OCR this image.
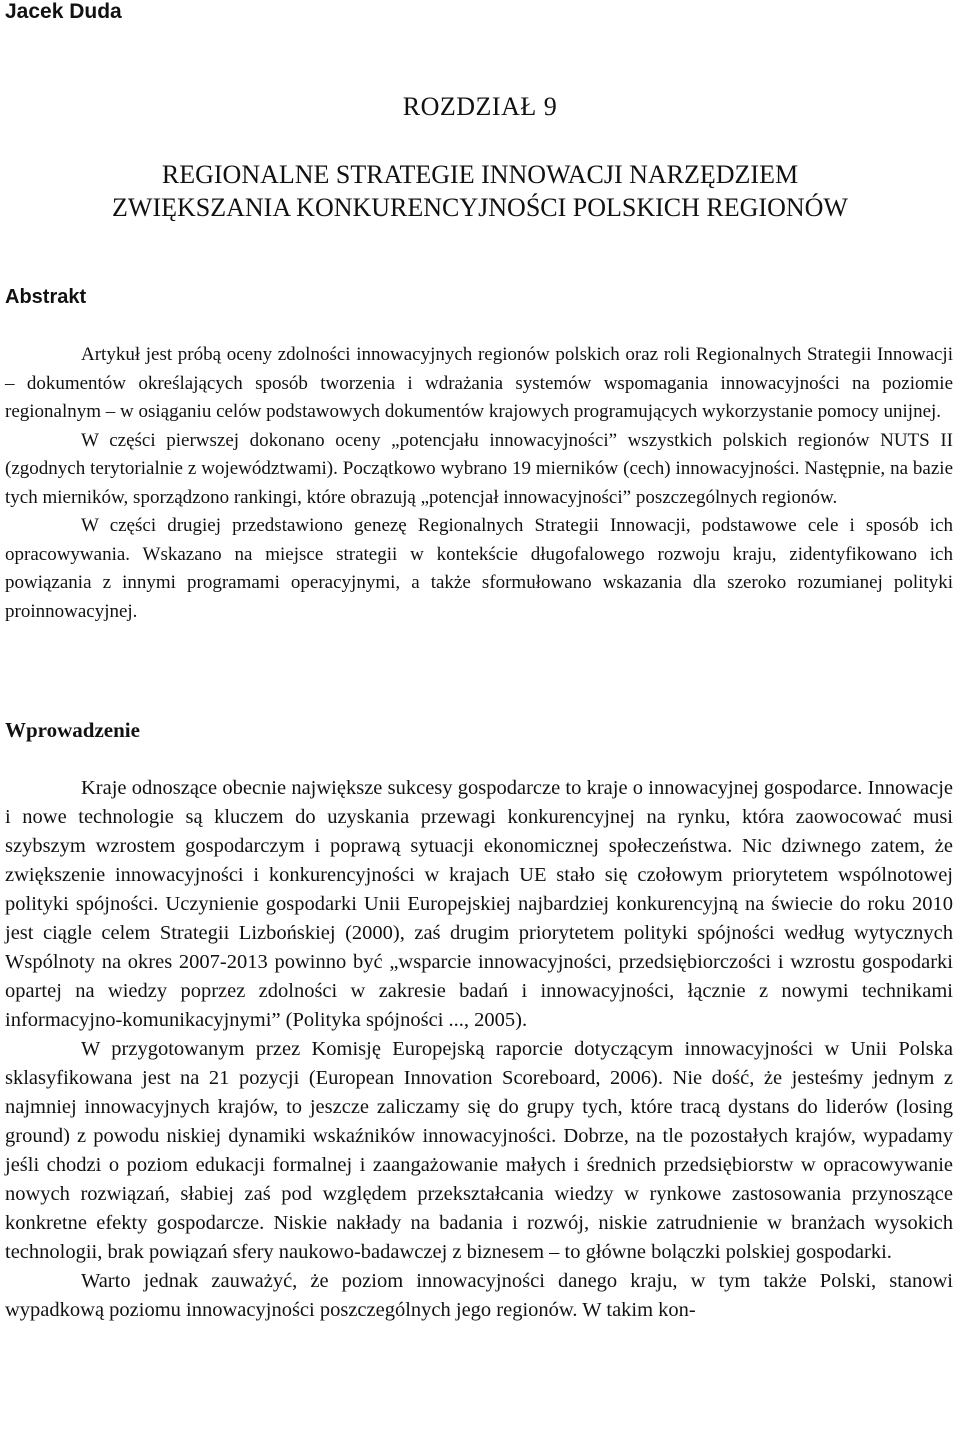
Jacek Duda
ROZDZIAŁ 9
REGIONALNE STRATEGIE INNOWACJI NARZĘDZIEM
ZWIĘKSZANIA KONKURENCYJNOŚCI POLSKICH REGIONÓW
Abstrakt

Artykuł jest próbą oceny zdolności innowacyjnych regionów polskich oraz roli Regionalnych Strategii Innowacji – dokumentów określających sposób tworzenia i wdrażania systemów wspomagania innowacyjności na poziomie regionalnym – w osiąganiu celów podstawowych dokumentów krajowych programujących wykorzystanie pomocy unijnej.

W części pierwszej dokonano oceny „potencjału innowacyjności” wszystkich polskich regionów NUTS II (zgodnych terytorialnie z województwami). Początkowo wybrano 19 mierników (cech) innowacyjności. Następnie, na bazie tych mierników, sporządzono rankingi, które obrazują „potencjał innowacyjności” poszczególnych regionów.

W części drugiej przedstawiono genezę Regionalnych Strategii Innowacji, podstawowe cele i sposób ich opracowywania. Wskazano na miejsce strategii w kontekście długofalowego rozwoju kraju, zidentyfikowano ich powiązania z innymi programami operacyjnymi, a także sformułowano wskazania dla szeroko rozumianej polityki proinnowacyjnej.

Wprowadzenie

Kraje odnoszące obecnie największe sukcesy gospodarcze to kraje o innowacyjnej gospodarce. Innowacje i nowe technologie są kluczem do uzyskania przewagi konkurencyjnej na rynku, która zaowocować musi szybszym wzrostem gospodarczym i poprawą sytuacji ekonomicznej społeczeństwa. Nic dziwnego zatem, że zwiększenie innowacyjności i konkurencyjności w krajach UE stało się czołowym priorytetem wspólnotowej polityki spójności. Uczynienie gospodarki Unii Europejskiej najbardziej konkurencyjną na świecie do roku 2010 jest ciągle celem Strategii Lizbońskiej (2000), zaś drugim priorytetem polityki spójności według wytycznych Wspólnoty na okres 2007-2013 powinno być „wsparcie innowacyjności, przedsiębiorczości i wzrostu gospodarki opartej na wiedzy poprzez zdolności w zakresie badań i innowacyjności, łącznie z nowymi technikami informacyjno-komunikacyjnymi” (Polityka spójności ..., 2005).

W przygotowanym przez Komisję Europejską raporcie dotyczącym innowacyjności w Unii Polska sklasyfikowana jest na 21 pozycji (European Innovation Scoreboard, 2006). Nie dość, że jesteśmy jednym z najmniej innowacyjnych krajów, to jeszcze zaliczamy się do grupy tych, które tracą dystans do liderów (losing ground) z powodu niskiej dynamiki wskaźników innowacyjności. Dobrze, na tle pozostałych krajów, wypadamy jeśli chodzi o poziom edukacji formalnej i zaangażowanie małych i średnich przedsiębiorstw w opracowywanie nowych rozwiązań, słabiej zaś pod względem przekształcania wiedzy w rynkowe zastosowania przynoszące konkretne efekty gospodarcze. Niskie nakłady na badania i rozwój, niskie zatrudnienie w branżach wysokich technologii, brak powiązań sfery naukowo-badawczej z biznesem – to główne bolączki polskiej gospodarki.

Warto jednak zauważyć, że poziom innowacyjności danego kraju, w tym także Polski, stanowi wypadkową poziomu innowacyjności poszczególnych jego regionów. W takim kon-
